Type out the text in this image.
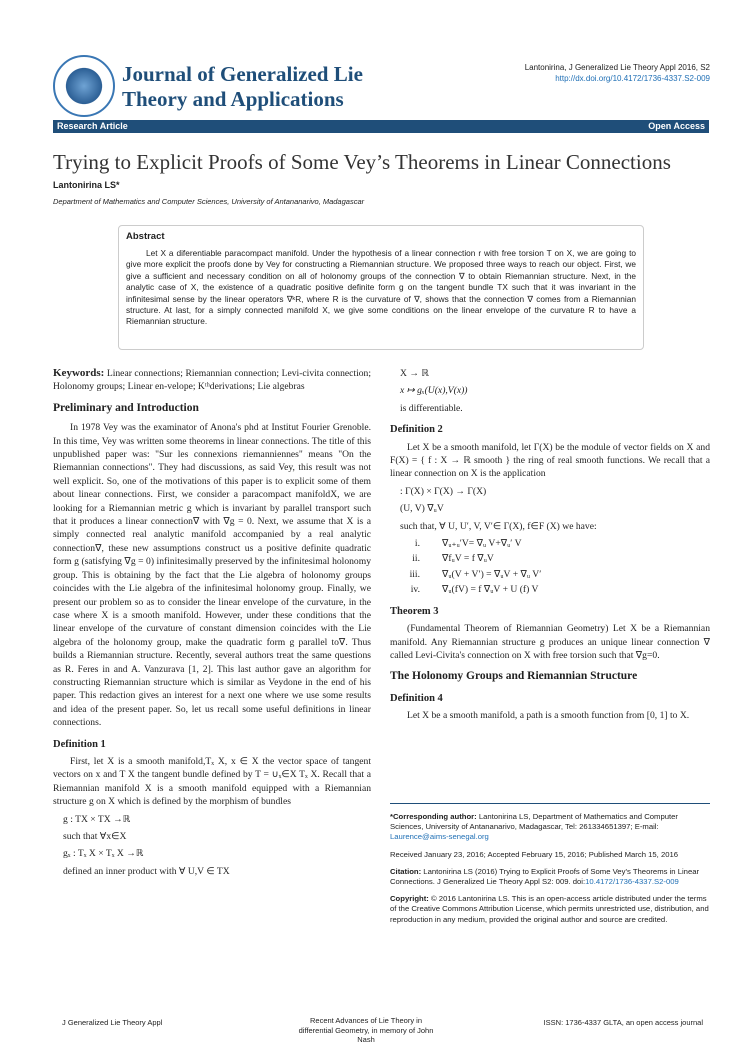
Journal of Generalized Lie
Theory and Applications
Lantonirina, J Generalized Lie Theory Appl 2016, S2
http://dx.doi.org/10.4172/1736-4337.S2-009
Research Article	Open Access
Trying to Explicit Proofs of Some Vey’s Theorems in Linear Connections
Lantonirina LS*
Department of Mathematics and Computer Sciences, University of Antananarivo, Madagascar
Abstract

Let X a diferentiable paracompact manifold. Under the hypothesis of a linear connection r with free torsion T on X, we are going to give more explicit the proofs done by Vey for constructing a Riemannian structure. We proposed three ways to reach our object. First, we give a sufficient and necessary condition on all of holonomy groups of the connection ∇ to obtain Riemannian structure. Next, in the analytic case of X, the existence of a quadratic positive definite form g on the tangent bundle TX such that it was invariant in the infinitesimal sense by the linear operators ∇ᵏR, where R is the curvature of ∇, shows that the connection ∇ comes from a Riemannian structure. At last, for a simply connected manifold X, we give some conditions on the linear envelope of the curvature R to have a Riemannian structure.

Keywords: Linear connections; Riemannian connection; Levi-civita connection; Holonomy groups; Linear en-velope; Kᵗʰderivations; Lie algebras

Preliminary and Introduction

In 1978 Vey was the examinator of Anona's phd at Institut Fourier Grenoble. In this time, Vey was written some theorems in linear connections. The title of this unpublished paper was: "Sur les connexions riemanniennes" means "On the Riemannian connections". They had discussions, as said Vey, this result was not well explicit. So, one of the motivations of this paper is to explicit some of them about linear connections. First, we consider a paracompact manifoldX, we are looking for a Riemannian metric g which is invariant by parallel transport such that it produces a linear connection∇ with ∇g = 0. Next, we assume that X is a simply connected real analytic manifold accompanied by a real analytic connection∇, these new assumptions construct us a positive definite quadratic form g (satisfying ∇g = 0) infinitesimally preserved by the infinitesimal holonomy group. This is obtaining by the fact that the Lie algebra of holonomy groups coincides with the Lie algebra of the infinitesimal holonomy group. Finally, we present our problem so as to consider the linear envelope of the curvature, in the case where X is a smooth manifold. However, under these conditions that the linear envelope of the curvature of constant dimension coincides with the Lie algebra of the holonomy group, make the quadratic form g parallel to∇. Thus builds a Riemannian structure. Recently, several authors treat the same questions as R. Feres in and A. Vanzurava [1, 2]. This last author gave an algorithm for constructing Riemannian structure which is similar as Veydone in the end of his paper. This redaction gives an interest for a next one where we use some results and idea of the present paper. So, let us recall some useful definitions in linear connections.

Definition 1

First, let X is a smooth manifold,Tₓ X, x ∈ X the vector space of tangent vectors on x and T X the tangent bundle defined by T = ∪ₓ∈X Tₓ X. Recall that a Riemannian manifold X is a smooth manifold equipped with a Riemannian structure g on X which is defined by the morphism of bundles

g : TX × TX →ℝ
such that ∀x∈X
gₓ : Tₓ X × Tₓ X →ℝ
defined an inner product with ∀ U,V ∈ TX
X → ℝ
x ↦ gₓ(U(x),V(x))
is differentiable.
Definition 2

Let X be a smooth manifold, let Γ(X) be the module of vector fields on X and F(X) = { f : X → ℝ smooth } the ring of real smooth functions. We recall that a linear connection on X is the application

: Γ(X) × Γ(X) → Γ(X)
(U, V) ∇ᵤV
such that, ∀ U, U′, V, V′∈ Γ(X), f∈F (X) we have:
i.	∇ᵤ₊ᵤ′V= ∇ᵤ V+∇ᵤ′ V
ii.	∇fᵤV = f ∇ᵤV
iii.	∇ᵤ(V + V′) = ∇ᵤV + ∇ᵤ V′
iv.	∇ᵤ(fV) = f ∇ᵤV + U (f) V
Theorem 3

(Fundamental Theorem of Riemannian Geometry) Let X be a Riemannian manifold. Any Riemannian structure g produces an unique linear connection ∇ called Levi-Civita's connection on X with free torsion such that ∇g=0.

The Holonomy Groups and Riemannian Structure
Definition 4

Let X be a smooth manifold, a path is a smooth function from [0, 1] to X.

*Corresponding author: Lantonirina LS, Department of Mathematics and Computer Sciences, University of Antananarivo, Madagascar, Tel: 261334651397; E-mail: Laurence@aims-senegal.org

Received January 23, 2016; Accepted February 15, 2016; Published March 15, 2016

Citation: Lantonirina LS (2016) Trying to Explicit Proofs of Some Vey’s Theorems in Linear Connections. J Generalized Lie Theory Appl S2: 009. doi:10.4172/1736-4337.S2-009

Copyright: © 2016 Lantonirina LS. This is an open-access article distributed under the terms of the Creative Commons Attribution License, which permits unrestricted use, distribution, and reproduction in any medium, provided the original author and source are credited.

J Generalized Lie Theory Appl	Recent Advances of Lie Theory in differential Geometry, in memory of John Nash
ISSN: 1736-4337 GLTA, an open access journal
